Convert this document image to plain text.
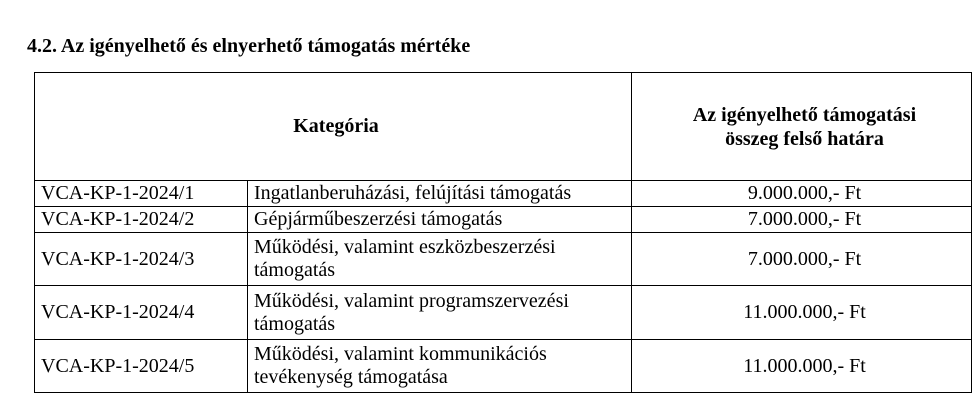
4.2. Az igényelhető és elnyerhető támogatás mértéke
Kategória		Az igényelhető támogatási
összeg felső határa
VCA-KP-1-2024/1	Ingatlanberuházási, felújítási támogatás	9.000.000,- Ft
VCA-KP-1-2024/2	Gépjárműbeszerzési támogatás	7.000.000,- Ft
VCA-KP-1-2024/3	Működési, valamint eszközbeszerzési támogatás	7.000.000,- Ft
VCA-KP-1-2024/4	Működési, valamint programszervezési támogatás	11.000.000,- Ft
VCA-KP-1-2024/5	Működési, valamint kommunikációs tevékenység támogatása	11.000.000,- Ft
